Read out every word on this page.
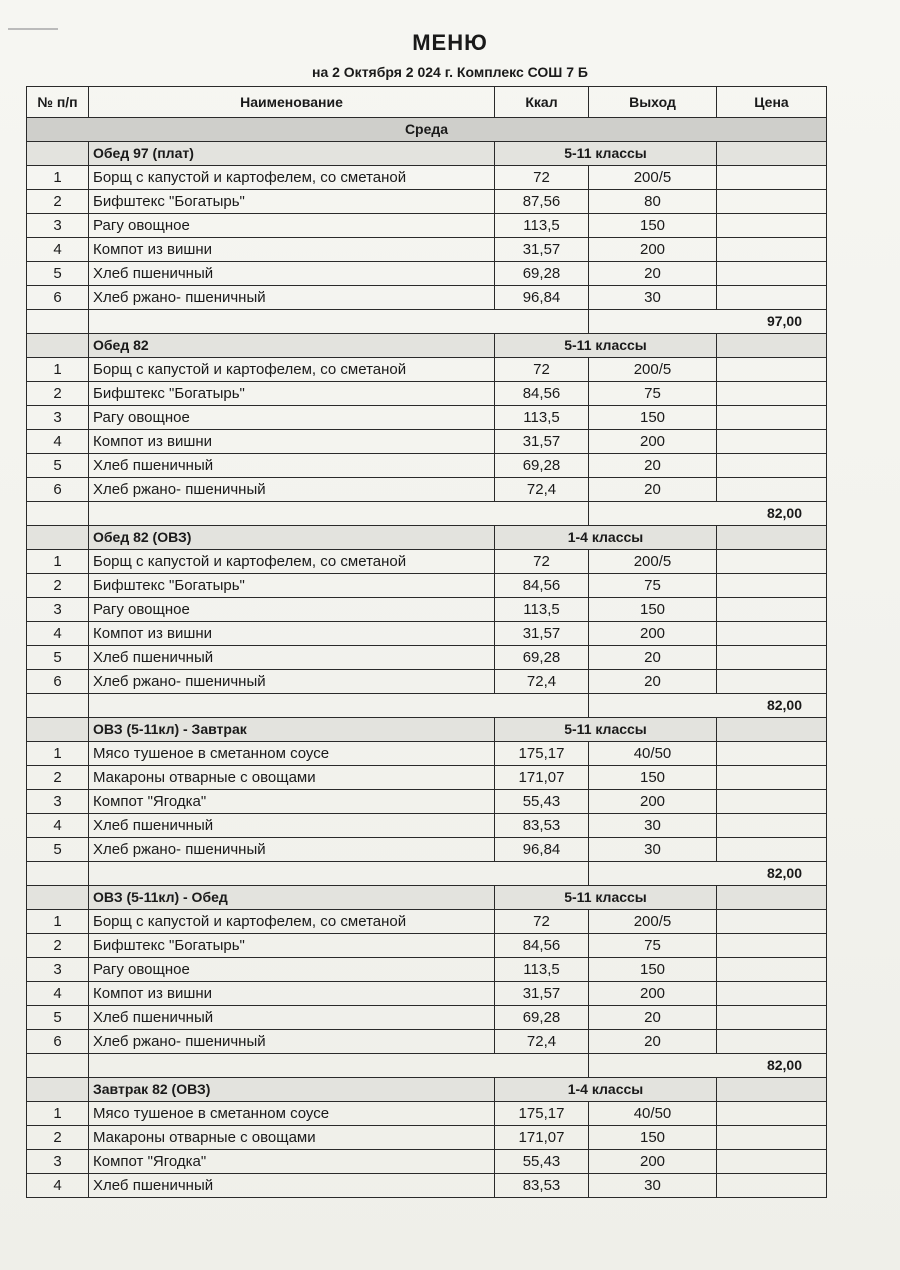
МЕНЮ
на 2 Октября 2 024 г. Комплекс СОШ 7 Б
№ п/п	Наименование	Ккал	Выход	Цена
Среда				
	Обед 97 (плат)	5-11 классы		
1	Борщ с капустой и картофелем, со сметаной	72	200/5	
2	Бифштекс "Богатырь"	87,56	80	
3	Рагу овощное	113,5	150	
4	Компот из вишни	31,57	200	
5	Хлеб пшеничный	69,28	20	
6	Хлеб ржано- пшеничный	96,84	30	
			97,00	
	Обед 82	5-11 классы		
1	Борщ с капустой и картофелем, со сметаной	72	200/5	
2	Бифштекс "Богатырь"	84,56	75	
3	Рагу овощное	113,5	150	
4	Компот из вишни	31,57	200	
5	Хлеб пшеничный	69,28	20	
6	Хлеб ржано- пшеничный	72,4	20	
			82,00	
	Обед 82 (ОВЗ)	1-4 классы		
1	Борщ с капустой и картофелем, со сметаной	72	200/5	
2	Бифштекс "Богатырь"	84,56	75	
3	Рагу овощное	113,5	150	
4	Компот из вишни	31,57	200	
5	Хлеб пшеничный	69,28	20	
6	Хлеб ржано- пшеничный	72,4	20	
			82,00	
	ОВЗ (5-11кл) - Завтрак	5-11 классы		
1	Мясо тушеное в сметанном соусе	175,17	40/50	
2	Макароны отварные с овощами	171,07	150	
3	Компот "Ягодка"	55,43	200	
4	Хлеб пшеничный	83,53	30	
5	Хлеб ржано- пшеничный	96,84	30	
			82,00	
	ОВЗ (5-11кл) - Обед	5-11 классы		
1	Борщ с капустой и картофелем, со сметаной	72	200/5	
2	Бифштекс "Богатырь"	84,56	75	
3	Рагу овощное	113,5	150	
4	Компот из вишни	31,57	200	
5	Хлеб пшеничный	69,28	20	
6	Хлеб ржано- пшеничный	72,4	20	
			82,00	
	Завтрак 82 (ОВЗ)	1-4 классы		
1	Мясо тушеное в сметанном соусе	175,17	40/50	
2	Макароны отварные с овощами	171,07	150	
3	Компот "Ягодка"	55,43	200	
4	Хлеб пшеничный	83,53	30	
